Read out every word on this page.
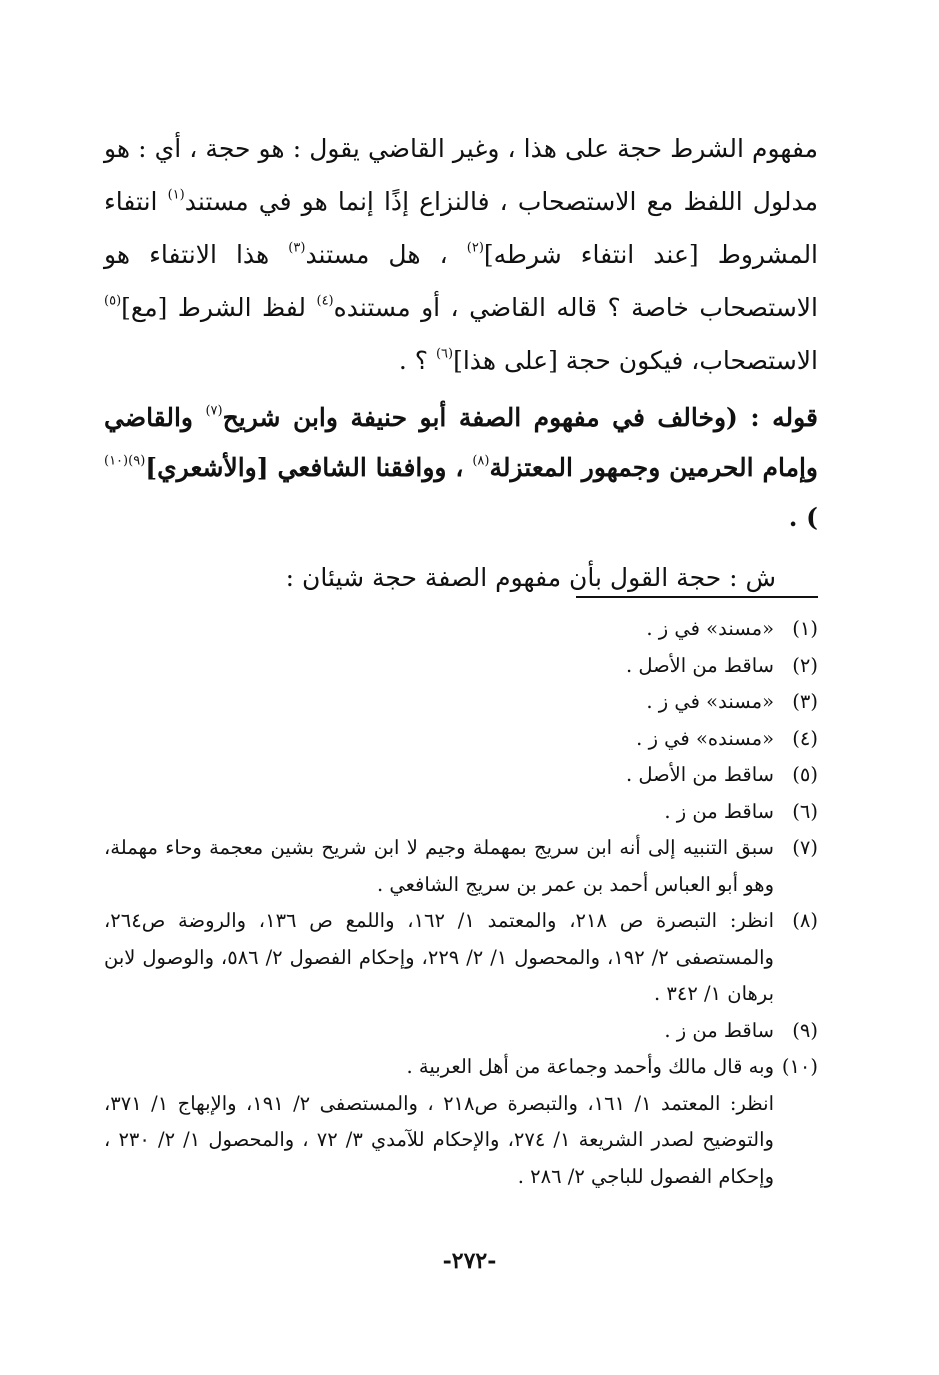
مفهوم الشرط حجة على هذا ، وغير القاضي يقول : هو حجة ، أي : هو مدلول اللفظ مع الاستصحاب ، فالنزاع إذًا إنما هو في مستند$^{(١)}$ انتفاء المشروط [عند انتفاء شرطه]$^{(٢)}$ ، هل مستند$^{(٣)}$ هذا الانتفاء هو الاستصحاب خاصة ؟ قاله القاضي ، أو مستنده$^{(٤)}$ لفظ الشرط [مع]$^{(٥)}$ الاستصحاب، فيكون حجة [على هذا]$^{(٦)}$ ؟ .

قوله : (وخالف في مفهوم الصفة أبو حنيفة وابن شريح$^{(٧)}$ والقاضي وإمام الحرمين وجمهور المعتزلة$^{(٨)}$ ، ووافقنا الشافعي [والأشعري]$^{(٩)(١٠)}$ ) .

ش : حجة القول بأن مفهوم الصفة حجة شيئان :

(١)
«مسند» في ز .
(٢)
ساقط من الأصل .
(٣)
«مسند» في ز .
(٤)
«مسنده» في ز .
(٥)
ساقط من الأصل .
(٦)
ساقط من ز .
(٧)
سبق التنبيه إلى أنه ابن سريج بمهملة وجيم لا ابن شريح بشين معجمة وحاء مهملة، وهو أبو العباس أحمد بن عمر بن سريج الشافعي .
(٨)
انظر: التبصرة ص ٢١٨، والمعتمد ١/ ١٦٢، واللمع ص ١٣٦، والروضة ص٢٦٤، والمستصفى ٢/ ١٩٢، والمحصول ١/ ٢/ ٢٢٩، وإحكام الفصول ٢/ ٥٨٦، والوصول لابن برهان ١/ ٣٤٢ .
(٩)
ساقط من ز .
(١٠)
وبه قال مالك وأحمد وجماعة من أهل العربية .
انظر: المعتمد ١/ ١٦١، والتبصرة ص٢١٨ ، والمستصفى ٢/ ١٩١، والإبهاج ١/ ٣٧١، والتوضيح لصدر الشريعة ١/ ٢٧٤، والإحكام للآمدي ٣/ ٧٢ ، والمحصول ١/ ٢/ ٢٣٠ ، وإحكام الفصول للباجي ٢/ ٢٨٦ .
-٢٧٢-
